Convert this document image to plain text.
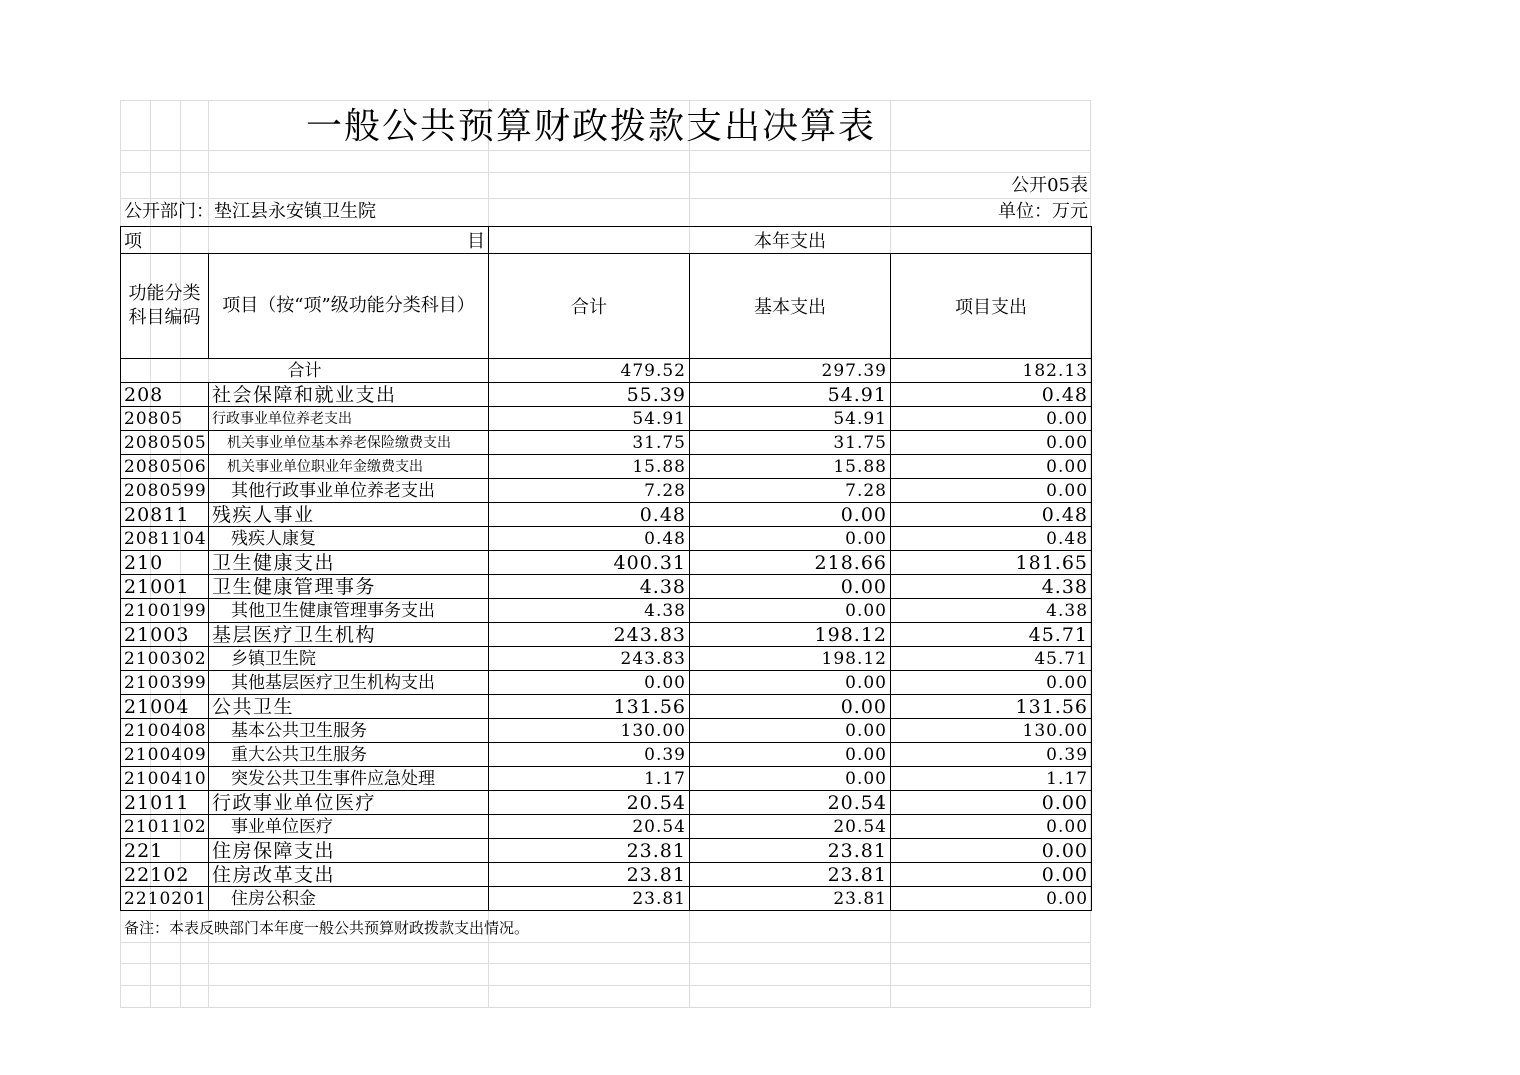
一般公共预算财政拨款支出决算表
公开05表
公开部门：垫江县永安镇卫生院	单位：万元
项 目		本年支出		
功能分类科目编码	项目（按“项”级功能分类科目）	合计	基本支出	项目支出
合计		479.52	297.39	182.13
208	社会保障和就业支出	55.39	54.91	0.48
20805	行政事业单位养老支出	54.91	54.91	0.00
2080505	机关事业单位基本养老保险缴费支出	31.75	31.75	0.00
2080506	机关事业单位职业年金缴费支出	15.88	15.88	0.00
2080599	其他行政事业单位养老支出	7.28	7.28	0.00
20811	残疾人事业	0.48	0.00	0.48
2081104	残疾人康复	0.48	0.00	0.48
210	卫生健康支出	400.31	218.66	181.65
21001	卫生健康管理事务	4.38	0.00	4.38
2100199	其他卫生健康管理事务支出	4.38	0.00	4.38
21003	基层医疗卫生机构	243.83	198.12	45.71
2100302	乡镇卫生院	243.83	198.12	45.71
2100399	其他基层医疗卫生机构支出	0.00	0.00	0.00
21004	公共卫生	131.56	0.00	131.56
2100408	基本公共卫生服务	130.00	0.00	130.00
2100409	重大公共卫生服务	0.39	0.00	0.39
2100410	突发公共卫生事件应急处理	1.17	0.00	1.17
21011	行政事业单位医疗	20.54	20.54	0.00
2101102	事业单位医疗	20.54	20.54	0.00
221	住房保障支出	23.81	23.81	0.00
22102	住房改革支出	23.81	23.81	0.00
2210201	住房公积金	23.81	23.81	0.00
备注：本表反映部门本年度一般公共预算财政拨款支出情况。
